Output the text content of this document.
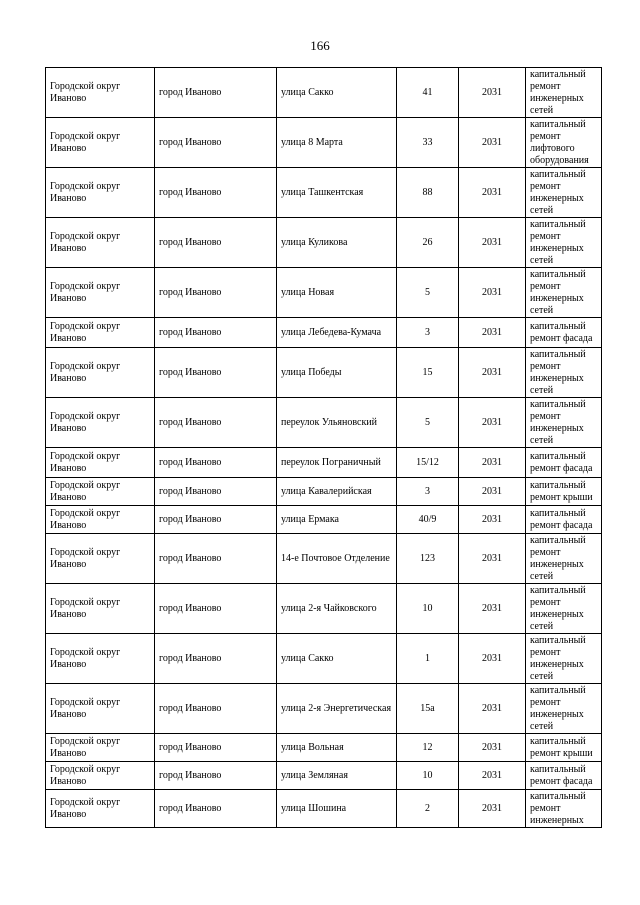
166
Городской округ Иваново	город Иваново	улица Сакко	41	2031	капитальный ремонт инженерных сетей
Городской округ Иваново	город Иваново	улица 8 Марта	33	2031	капитальный ремонт лифтового оборудования
Городской округ Иваново	город Иваново	улица Ташкентская	88	2031	капитальный ремонт инженерных сетей
Городской округ Иваново	город Иваново	улица Куликова	26	2031	капитальный ремонт инженерных сетей
Городской округ Иваново	город Иваново	улица Новая	5	2031	капитальный ремонт инженерных сетей
Городской округ Иваново	город Иваново	улица Лебедева-Кумача	3	2031	капитальный ремонт фасада
Городской округ Иваново	город Иваново	улица Победы	15	2031	капитальный ремонт инженерных сетей
Городской округ Иваново	город Иваново	переулок Ульяновский	5	2031	капитальный ремонт инженерных сетей
Городской округ Иваново	город Иваново	переулок Пограничный	15/12	2031	капитальный ремонт фасада
Городской округ Иваново	город Иваново	улица Кавалерийская	3	2031	капитальный ремонт крыши
Городской округ Иваново	город Иваново	улица Ермака	40/9	2031	капитальный ремонт фасада
Городской округ Иваново	город Иваново	14-е Почтовое Отделение	123	2031	капитальный ремонт инженерных сетей
Городской округ Иваново	город Иваново	улица 2-я Чайковского	10	2031	капитальный ремонт инженерных сетей
Городской округ Иваново	город Иваново	улица Сакко	1	2031	капитальный ремонт инженерных сетей
Городской округ Иваново	город Иваново	улица 2-я Энергетическая	15а	2031	капитальный ремонт инженерных сетей
Городской округ Иваново	город Иваново	улица Вольная	12	2031	капитальный ремонт крыши
Городской округ Иваново	город Иваново	улица Земляная	10	2031	капитальный ремонт фасада
Городской округ Иваново	город Иваново	улица Шошина	2	2031	капитальный ремонт инженерных
